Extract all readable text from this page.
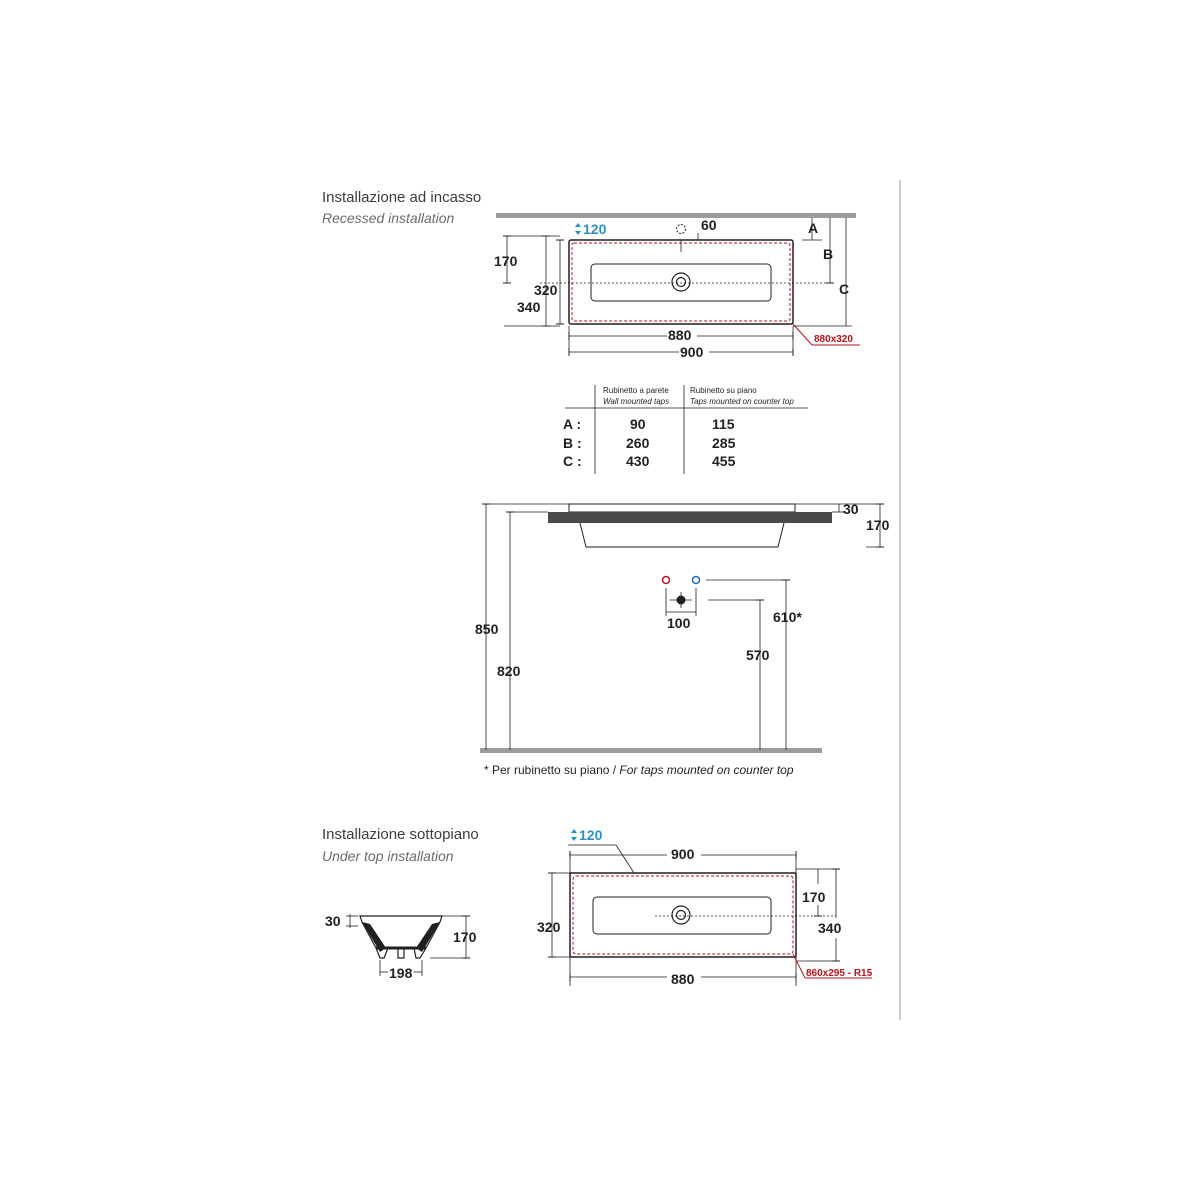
Installazione ad incasso
Recessed installation
120	60
170
320
340
880
900
880x320
A
B
C
Rubinetto a parete
Wall mounted taps
Rubinetto su piano
Taps mounted on counter top
A :	90	115
B :	260	285
C :	430	455
30
170
850
820
100	610*
570
* Per rubinetto su piano / For taps mounted on counter top
Installazione sottopiano
Under top installation
120
900
320
170
340
880	860x295 - R15
30
170
198
